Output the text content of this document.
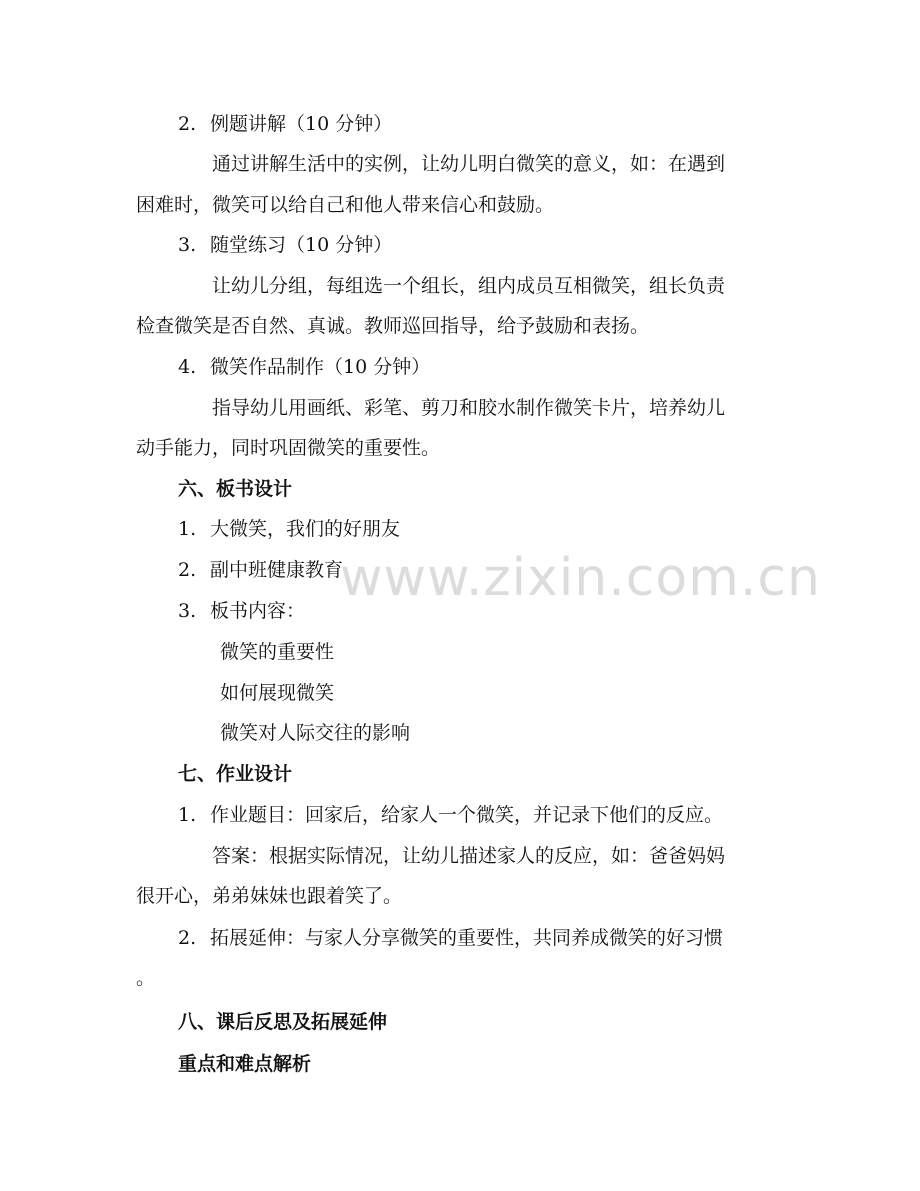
2. 例题讲解（10 分钟）
通过讲解生活中的实例，让幼儿明白微笑的意义，如：在遇到
困难时，微笑可以给自己和他人带来信心和鼓励。
3. 随堂练习（10 分钟）
让幼儿分组，每组选一个组长，组内成员互相微笑，组长负责
检查微笑是否自然、真诚。教师巡回指导，给予鼓励和表扬。
4. 微笑作品制作（10 分钟）
指导幼儿用画纸、彩笔、剪刀和胶水制作微笑卡片，培养幼儿
动手能力，同时巩固微笑的重要性。
六、板书设计
1. 大微笑，我们的好朋友
2. 副中班健康教育
3. 板书内容：
微笑的重要性
如何展现微笑
微笑对人际交往的影响
七、作业设计
1. 作业题目：回家后，给家人一个微笑，并记录下他们的反应。
答案：根据实际情况，让幼儿描述家人的反应，如：爸爸妈妈
很开心，弟弟妹妹也跟着笑了。
2. 拓展延伸：与家人分享微笑的重要性，共同养成微笑的好习惯
。
八、课后反思及拓展延伸
重点和难点解析
www.zixin.com.cn
